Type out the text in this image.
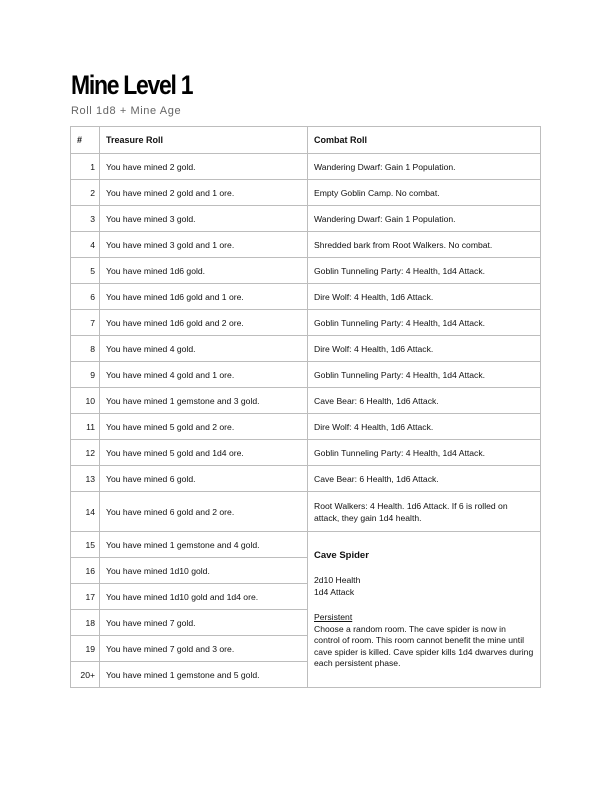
Mine Level 1
Roll 1d8 + Mine Age
#	Treasure Roll	Combat Roll
1	You have mined 2 gold.	Wandering Dwarf: Gain 1 Population.
2	You have mined 2 gold and 1 ore.	Empty Goblin Camp. No combat.
3	You have mined 3 gold.	Wandering Dwarf: Gain 1 Population.
4	You have mined 3 gold and 1 ore.	Shredded bark from Root Walkers. No combat.
5	You have mined 1d6 gold.	Goblin Tunneling Party: 4 Health, 1d4 Attack.
6	You have mined 1d6 gold and 1 ore.	Dire Wolf: 4 Health, 1d6 Attack.
7	You have mined 1d6 gold and 2 ore.	Goblin Tunneling Party: 4 Health, 1d4 Attack.
8	You have mined 4 gold.	Dire Wolf: 4 Health, 1d6 Attack.
9	You have mined 4 gold and 1 ore.	Goblin Tunneling Party: 4 Health, 1d4 Attack.
10	You have mined 1 gemstone and 3 gold.	Cave Bear: 6 Health, 1d6 Attack.
11	You have mined 5 gold and 2 ore.	Dire Wolf: 4 Health, 1d6 Attack.
12	You have mined 5 gold and 1d4 ore.	Goblin Tunneling Party: 4 Health, 1d4 Attack.
13	You have mined 6 gold.	Cave Bear: 6 Health, 1d6 Attack.
14	You have mined 6 gold and 2 ore.	Root Walkers: 4 Health. 1d6 Attack. If 6 is rolled on attack, they gain 1d4 health.
15	You have mined 1 gemstone and 4 gold.	Cave Spider
2d10 Health
1d4 Attack
Persistent
Choose a random room. The cave spider is now in control of room. This room cannot benefit the mine until cave spider is killed. Cave spider kills 1d4 dwarves during each persistent phase.

16	You have mined 1d10 gold.	
17	You have mined 1d10 gold and 1d4 ore.	
18	You have mined 7 gold.	
19	You have mined 7 gold and 3 ore.	
20+	You have mined 1 gemstone and 5 gold.	
